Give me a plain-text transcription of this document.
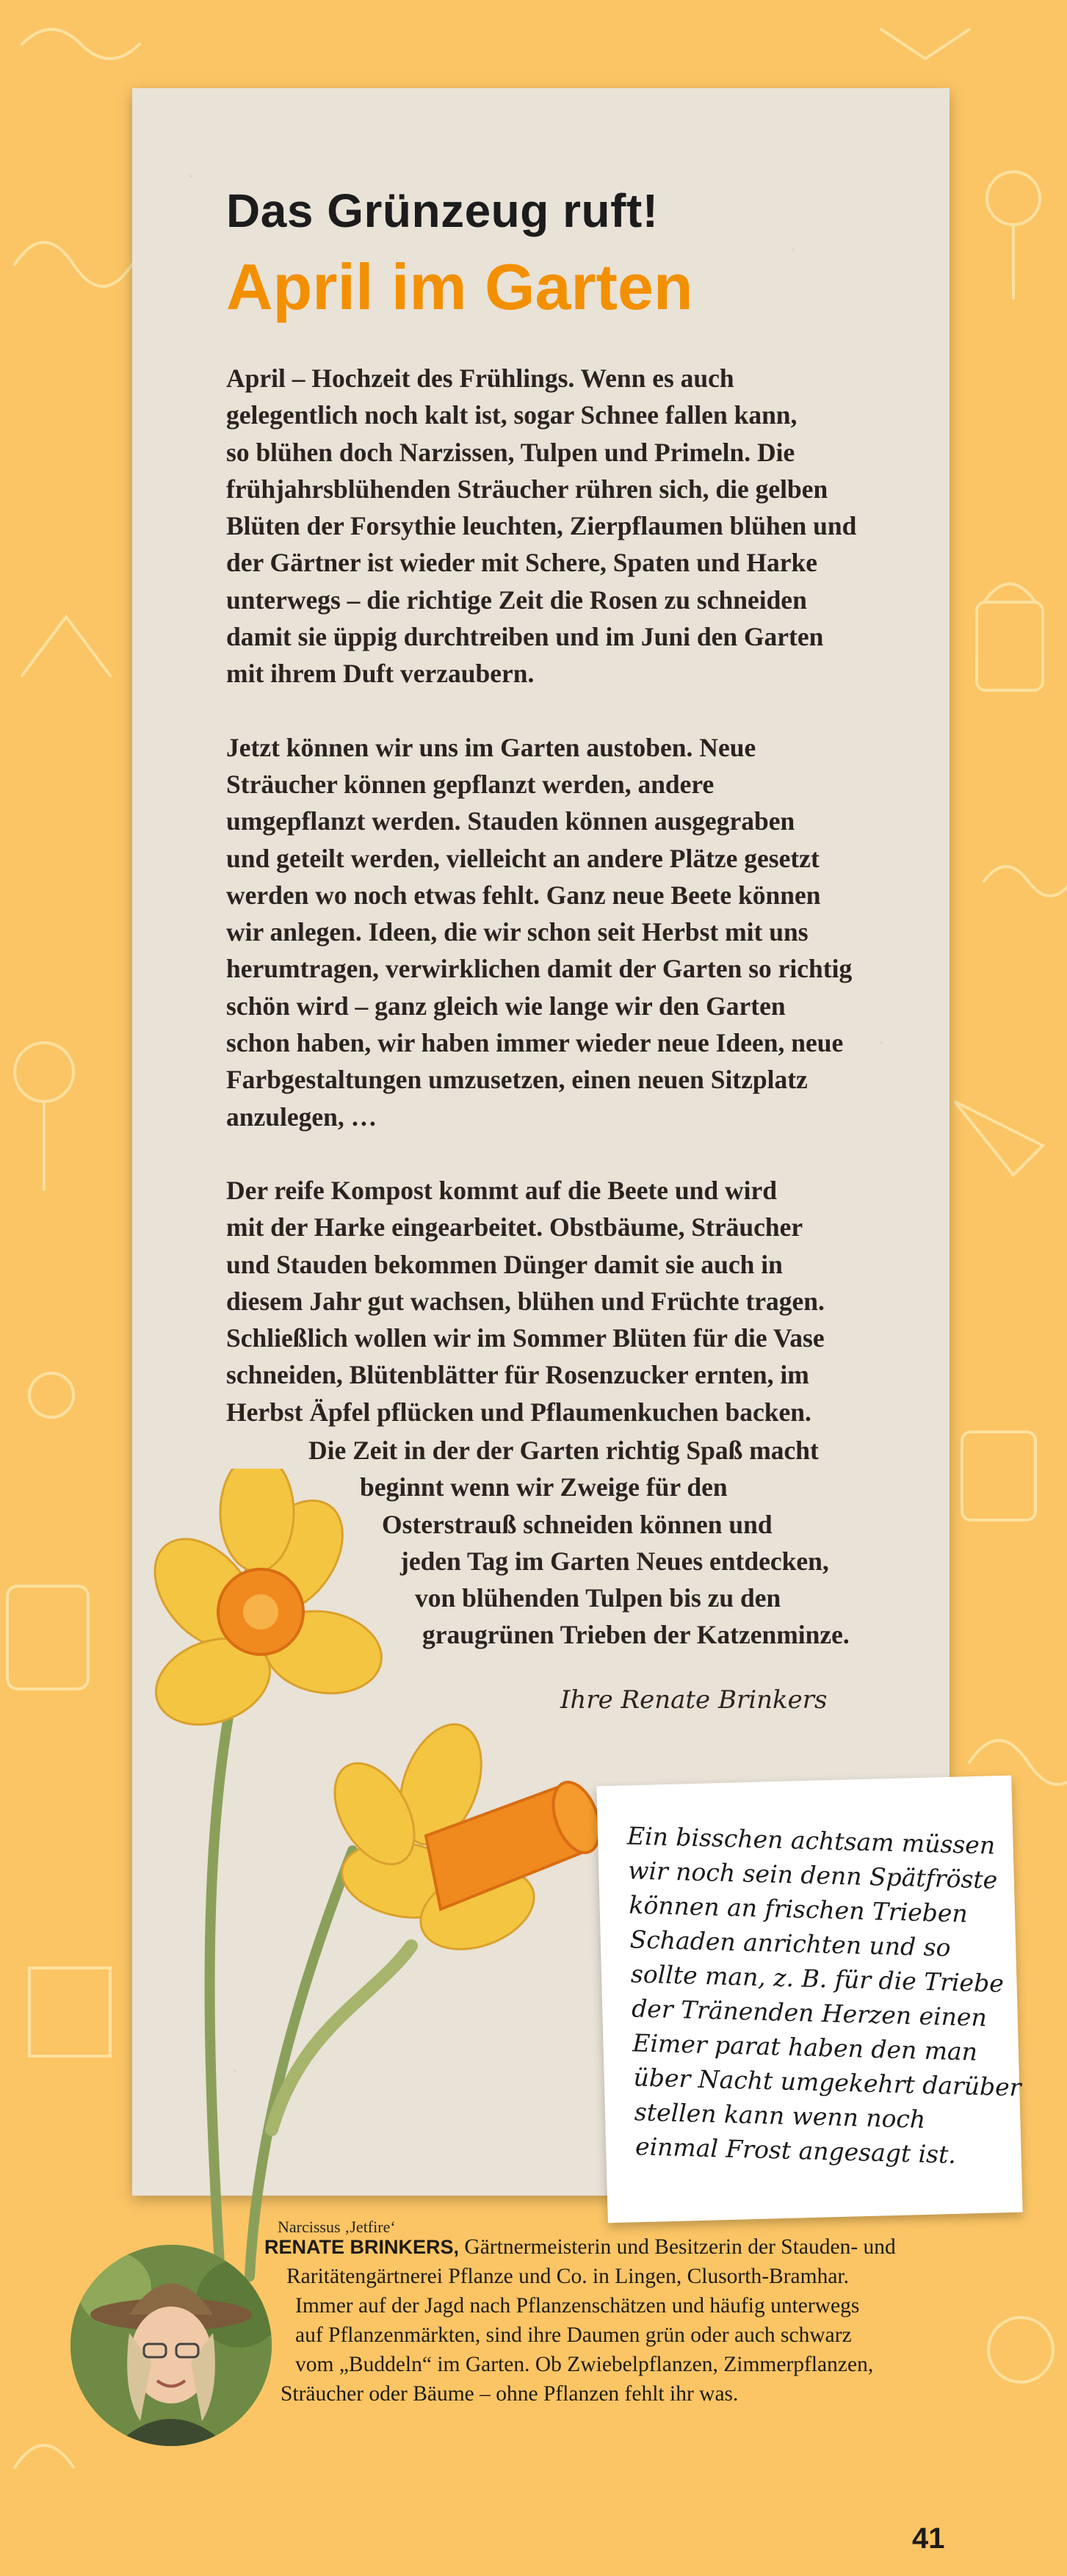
Das Grünzeug ruft!
April im Garten

April – Hochzeit des Frühlings. Wenn es auch
gelegentlich noch kalt ist, sogar Schnee fallen kann,
so blühen doch Narzissen, Tulpen und Primeln. Die
frühjahrsblühenden Sträucher rühren sich, die gelben
Blüten der Forsythie leuchten, Zierpflaumen blühen und
der Gärtner ist wieder mit Schere, Spaten und Harke
unterwegs – die richtige Zeit die Rosen zu schneiden
damit sie üppig durchtreiben und im Juni den Garten
mit ihrem Duft verzaubern.

Jetzt können wir uns im Garten austoben. Neue
Sträucher können gepflanzt werden, andere
umgepflanzt werden. Stauden können ausgegraben
und geteilt werden, vielleicht an andere Plätze gesetzt
werden wo noch etwas fehlt. Ganz neue Beete können
wir anlegen. Ideen, die wir schon seit Herbst mit uns
herumtragen, verwirklichen damit der Garten so richtig
schön wird – ganz gleich wie lange wir den Garten
schon haben, wir haben immer wieder neue Ideen, neue
Farbgestaltungen umzusetzen, einen neuen Sitzplatz
anzulegen, …

Der reife Kompost kommt auf die Beete und wird
mit der Harke eingearbeitet. Obstbäume, Sträucher
und Stauden bekommen Dünger damit sie auch in
diesem Jahr gut wachsen, blühen und Früchte tragen.
Schließlich wollen wir im Sommer Blüten für die Vase
schneiden, Blütenblätter für Rosenzucker ernten, im
Herbst Äpfel pflücken und Pflaumenkuchen backen.

Die Zeit in der der Garten richtig Spaß macht
beginnt wenn wir Zweige für den
Osterstrauß schneiden können und
jeden Tag im Garten Neues entdecken,
von blühenden Tulpen bis zu den
graugrünen Trieben der Katzenminze.

Ihre Renate Brinkers

Narcissus ‚Jetfire‘

Ein bisschen achtsam müssen
wir noch sein denn Spätfröste
können an frischen Trieben
Schaden anrichten und so
sollte man, z. B. für die Triebe
der Tränenden Herzen einen
Eimer parat haben den man
über Nacht umgekehrt darüber
stellen kann wenn noch
einmal Frost angesagt ist.
RENATE BRINKERS, Gärtnermeisterin und Besitzerin der Stauden- und
Raritätengärtnerei Pflanze und Co. in Lingen, Clusorth-Bramhar.
Immer auf der Jagd nach Pflanzenschätzen und häufig unterwegs
auf Pflanzenmärkten, sind ihre Daumen grün oder auch schwarz
vom „Buddeln“ im Garten. Ob Zwiebelpflanzen, Zimmerpflanzen,
Sträucher oder Bäume – ohne Pflanzen fehlt ihr was.

41
